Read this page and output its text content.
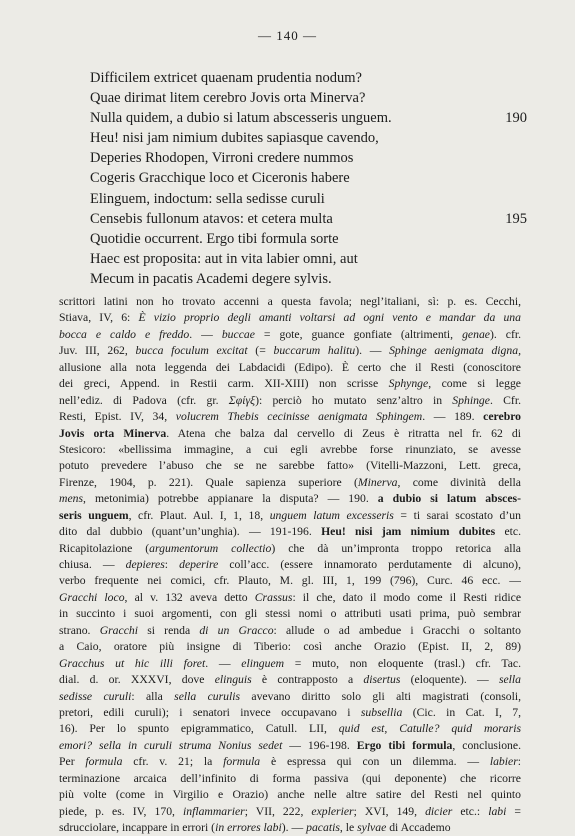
— 140 —
Difficilem extricet quaenam prudentia nodum?
Quae dirimat litem cerebro Jovis orta Minerva?
Nulla quidem, a dubio si latum abscesseris unguem.	190
Heu! nisi jam nimium dubites sapiasque cavendo,
Deperies Rhodopen, Virroni credere nummos
Cogeris Gracchique loco et Ciceronis habere
Elinguem, indoctum: sella sedisse curuli
Censebis fullonum atavos: et cetera multa	195
Quotidie occurrent. Ergo tibi formula sorte
Haec est proposita: aut in vita labier omni, aut
Mecum in pacatis Academi degere sylvis.
scrittori latini non ho trovato accenni a questa favola; negl’italiani, sì: p. es. Cecchi,
Stiava, IV, 6: È vizio proprio degli amanti voltarsi ad ogni vento e mandar da una
bocca e caldo e freddo. — buccae = gote, guance gonfiate (altrimenti, genae). cfr.
Juv. III, 262, bucca foculum excitat (= buccarum halitu). — Sphinge aenigmata digna,
allusione alla nota leggenda dei Labdacidi (Edipo). È certo che il Resti (conoscitore
dei greci, Append. in Restii carm. XII-XIII) non scrisse Sphynge, come si legge
nell’ediz. di Padova (cfr. gr. Σφίγξ): perciò ho mutato senz’altro in Sphinge. Cfr.
Resti, Epist. IV, 34, volucrem Thebis cecinisse aenigmata Sphingem. — 189. cerebro
Jovis orta Minerva. Atena che balza dal cervello di Zeus è ritratta nel fr. 62 di
Stesicoro: «bellissima immagine, a cui egli avrebbe forse rinunziato, se avesse
potuto prevedere l’abuso che se ne sarebbe fatto» (Vitelli-Mazzoni, Lett. greca,
Firenze, 1904, p. 221). Quale sapienza superiore (Minerva, come divinità della
mens, metonimia) potrebbe appianare la disputa? — 190. a dubio si latum absces-
seris unguem, cfr. Plaut. Aul. I, 1, 18, unguem latum excesseris = ti sarai scostato d’un
dito dal dubbio (quant’un’unghia). — 191-196. Heu! nisi jam nimium dubites etc.
Ricapitolazione (argumentorum collectio) che dà un’impronta troppo retorica alla
chiusa. — depieres: deperire coll’acc. (essere innamorato perdutamente di alcuno),
verbo frequente nei comici, cfr. Plauto, M. gl. III, 1, 199 (796), Curc. 46 ecc. —
Gracchi loco, al v. 132 aveva detto Crassus: il che, dato il modo come il Resti ridice
in succinto i suoi argomenti, con gli stessi nomi o attributi usati prima, può sembrar
strano. Gracchi si renda di un Gracco: allude o ad ambedue i Gracchi o soltanto
a Caio, oratore più insigne di Tiberio: così anche Orazio (Epist. II, 2, 89)
Gracchus ut hic illi foret. — elinguem = muto, non eloquente (trasl.) cfr. Tac.
dial. d. or. XXXVI, dove elinguis è contrapposto a disertus (eloquente). — sella
sedisse curuli: alla sella curulis avevano diritto solo gli alti magistrati (consoli,
pretori, edili curuli); i senatori invece occupavano i subsellia (Cic. in Cat. I, 7,
16). Per lo spunto epigrammatico, Catull. LII, quid est, Catulle? quid moraris
emori? sella in curuli struma Nonius sedet — 196-198. Ergo tibi formula, conclusione.
Per formula cfr. v. 21; la formula è espressa qui con un dilemma. — labier:
terminazione arcaica dell’infinito di forma passiva (qui deponente) che ricorre
più volte (come in Virgilio e Orazio) anche nelle altre satire del Resti nel quinto
piede, p. es. IV, 170, inflammarier; VII, 222, explerier; XVI, 149, dicier etc.: labi =
sdrucciolare, incappare in errori (in errores labi). — pacatis, le sylvae di Accademo
